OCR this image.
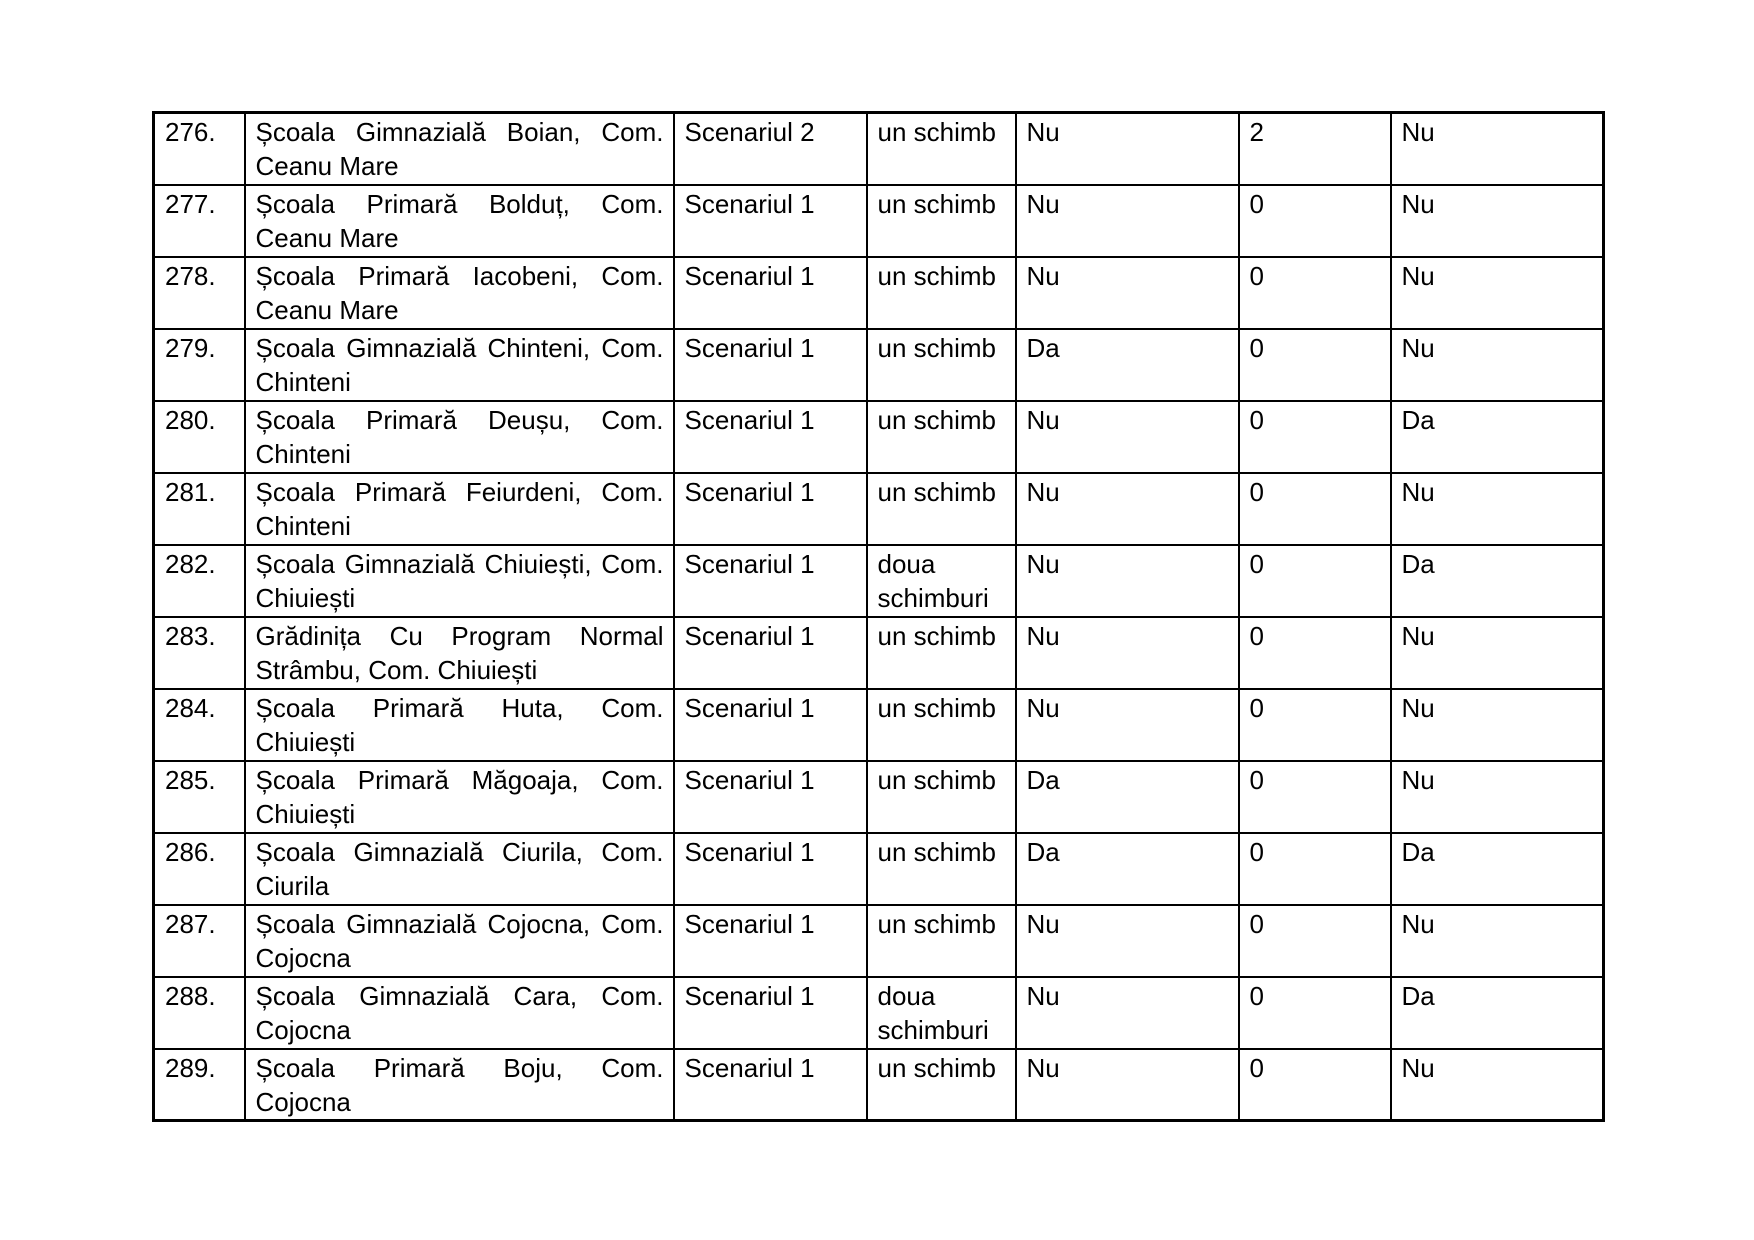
276.	Școala Gimnazială Boian, Com. Ceanu Mare	Scenariul 2	un schimb	Nu	2	Nu
277.	Școala Primară Bolduț, Com. Ceanu Mare	Scenariul 1	un schimb	Nu	0	Nu
278.	Școala Primară Iacobeni, Com. Ceanu Mare	Scenariul 1	un schimb	Nu	0	Nu
279.	Școala Gimnazială Chinteni, Com. Chinteni	Scenariul 1	un schimb	Da	0	Nu
280.	Școala Primară Deușu, Com. Chinteni	Scenariul 1	un schimb	Nu	0	Da
281.	Școala Primară Feiurdeni, Com. Chinteni	Scenariul 1	un schimb	Nu	0	Nu
282.	Școala Gimnazială Chiuiești, Com. Chiuiești	Scenariul 1	doua schimburi	Nu	0	Da
283.	Grădinița Cu Program Normal Strâmbu, Com. Chiuiești	Scenariul 1	un schimb	Nu	0	Nu
284.	Școala Primară Huta, Com. Chiuiești	Scenariul 1	un schimb	Nu	0	Nu
285.	Școala Primară Măgoaja, Com. Chiuiești	Scenariul 1	un schimb	Da	0	Nu
286.	Școala Gimnazială Ciurila, Com. Ciurila	Scenariul 1	un schimb	Da	0	Da
287.	Școala Gimnazială Cojocna, Com. Cojocna	Scenariul 1	un schimb	Nu	0	Nu
288.	Școala Gimnazială Cara, Com. Cojocna	Scenariul 1	doua schimburi	Nu	0	Da
289.	Școala Primară Boju, Com. Cojocna	Scenariul 1	un schimb	Nu	0	Nu
